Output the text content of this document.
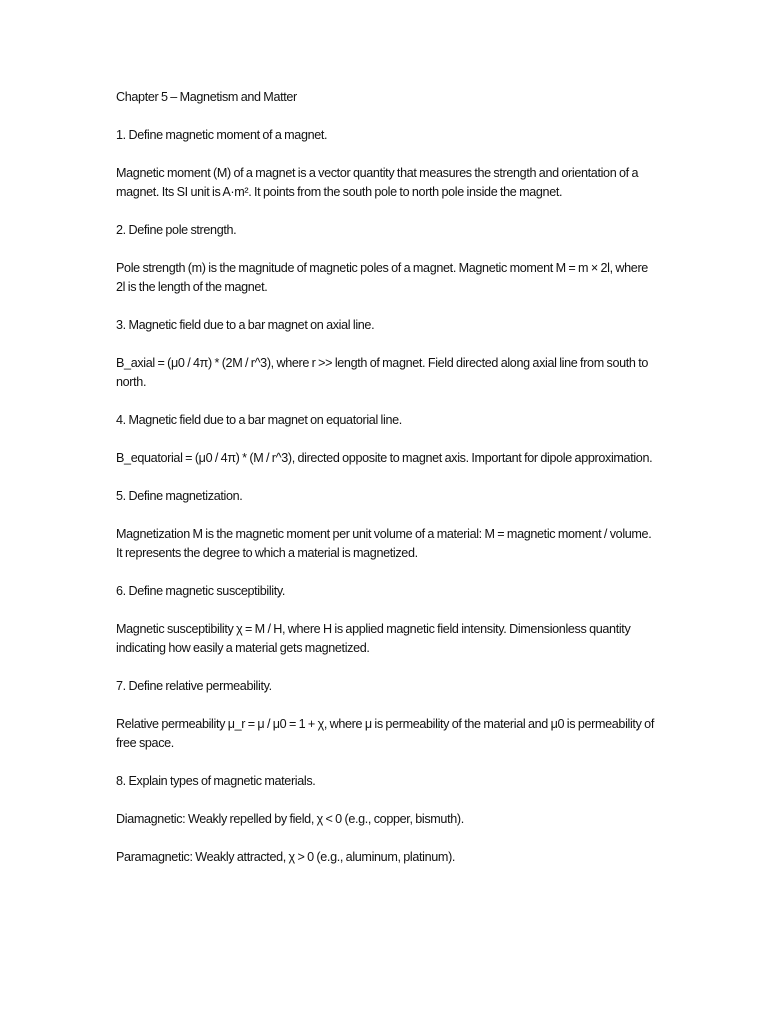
Chapter 5 – Magnetism and Matter

1. Define magnetic moment of a magnet.

Magnetic moment (M) of a magnet is a vector quantity that measures the strength and orientation of a magnet. Its SI unit is A·m². It points from the south pole to north pole inside the magnet.

2. Define pole strength.

Pole strength (m) is the magnitude of magnetic poles of a magnet. Magnetic moment M = m × 2l, where 2l is the length of the magnet.

3. Magnetic field due to a bar magnet on axial line.

B_axial = (μ0 / 4π) * (2M / r^3), where r >> length of magnet. Field directed along axial line from south to north.

4. Magnetic field due to a bar magnet on equatorial line.

B_equatorial = (μ0 / 4π) * (M / r^3), directed opposite to magnet axis. Important for dipole approximation.

5. Define magnetization.

Magnetization M is the magnetic moment per unit volume of a material: M = magnetic moment / volume. It represents the degree to which a material is magnetized.

6. Define magnetic susceptibility.

Magnetic susceptibility χ = M / H, where H is applied magnetic field intensity. Dimensionless quantity indicating how easily a material gets magnetized.

7. Define relative permeability.

Relative permeability μ_r = μ / μ0 = 1 + χ, where μ is permeability of the material and μ0 is permeability of free space.

8. Explain types of magnetic materials.

Diamagnetic: Weakly repelled by field, χ < 0 (e.g., copper, bismuth).

Paramagnetic: Weakly attracted, χ > 0 (e.g., aluminum, platinum).
